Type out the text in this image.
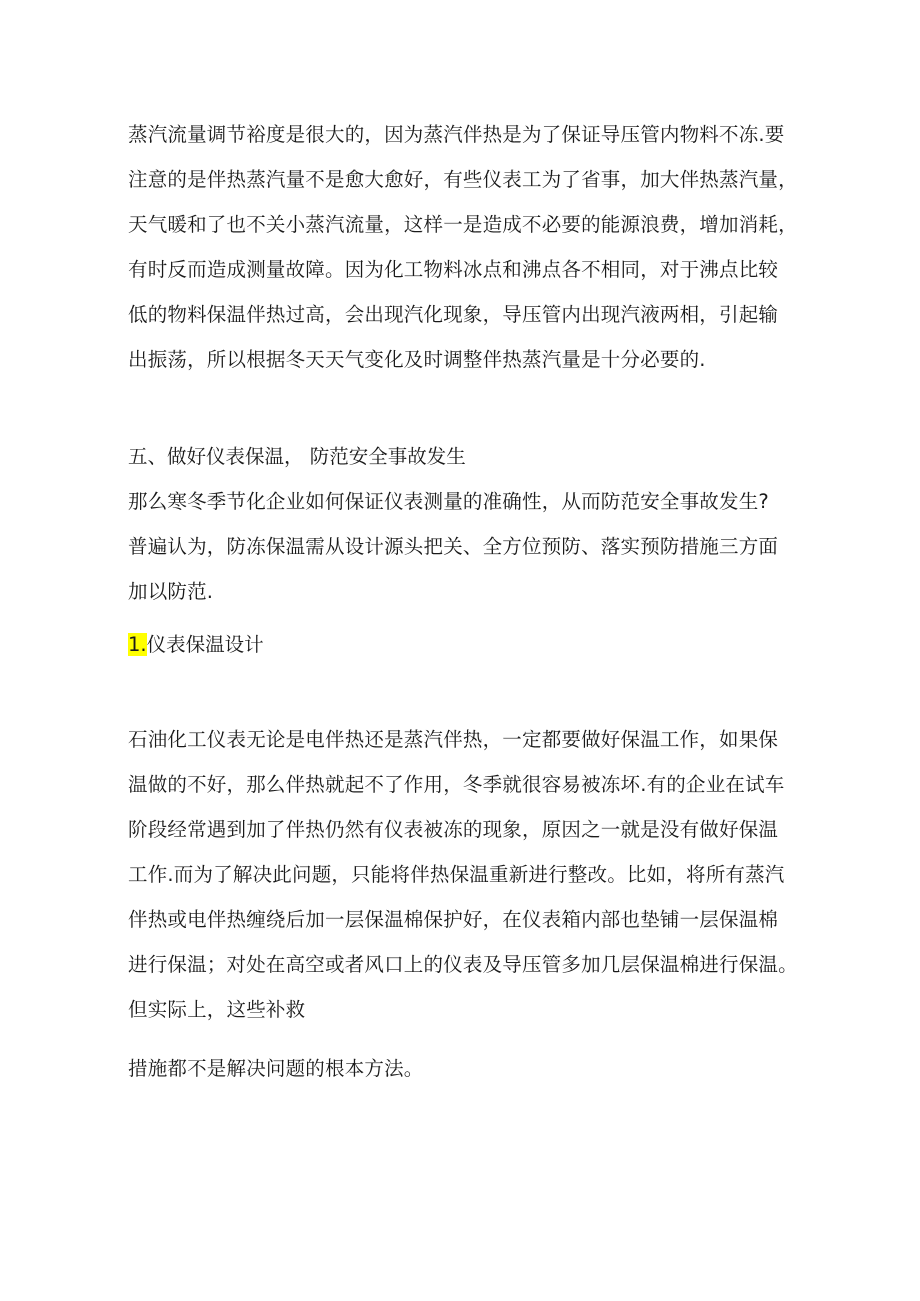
蒸汽流量调节裕度是很大的，因为蒸汽伴热是为了保证导压管内物料不冻.要
注意的是伴热蒸汽量不是愈大愈好，有些仪表工为了省事，加大伴热蒸汽量，
天气暖和了也不关小蒸汽流量，这样一是造成不必要的能源浪费，增加消耗，
有时反而造成测量故障。因为化工物料冰点和沸点各不相同，对于沸点比较
低的物料保温伴热过高，会出现汽化现象，导压管内出现汽液两相，引起输
出振荡，所以根据冬天天气变化及时调整伴热蒸汽量是十分必要的.
五、做好仪表保温， 防范安全事故发生
那么寒冬季节化企业如何保证仪表测量的准确性，从而防范安全事故发生?
普遍认为，防冻保温需从设计源头把关、全方位预防、落实预防措施三方面
加以防范.
1.仪表保温设计
石油化工仪表无论是电伴热还是蒸汽伴热，一定都要做好保温工作，如果保
温做的不好，那么伴热就起不了作用，冬季就很容易被冻坏.有的企业在试车
阶段经常遇到加了伴热仍然有仪表被冻的现象，原因之一就是没有做好保温
工作.而为了解决此问题，只能将伴热保温重新进行整改。比如，将所有蒸汽
伴热或电伴热缠绕后加一层保温棉保护好，在仪表箱内部也垫铺一层保温棉
进行保温；对处在高空或者风口上的仪表及导压管多加几层保温棉进行保温。
但实际上，这些补救
措施都不是解决问题的根本方法。
